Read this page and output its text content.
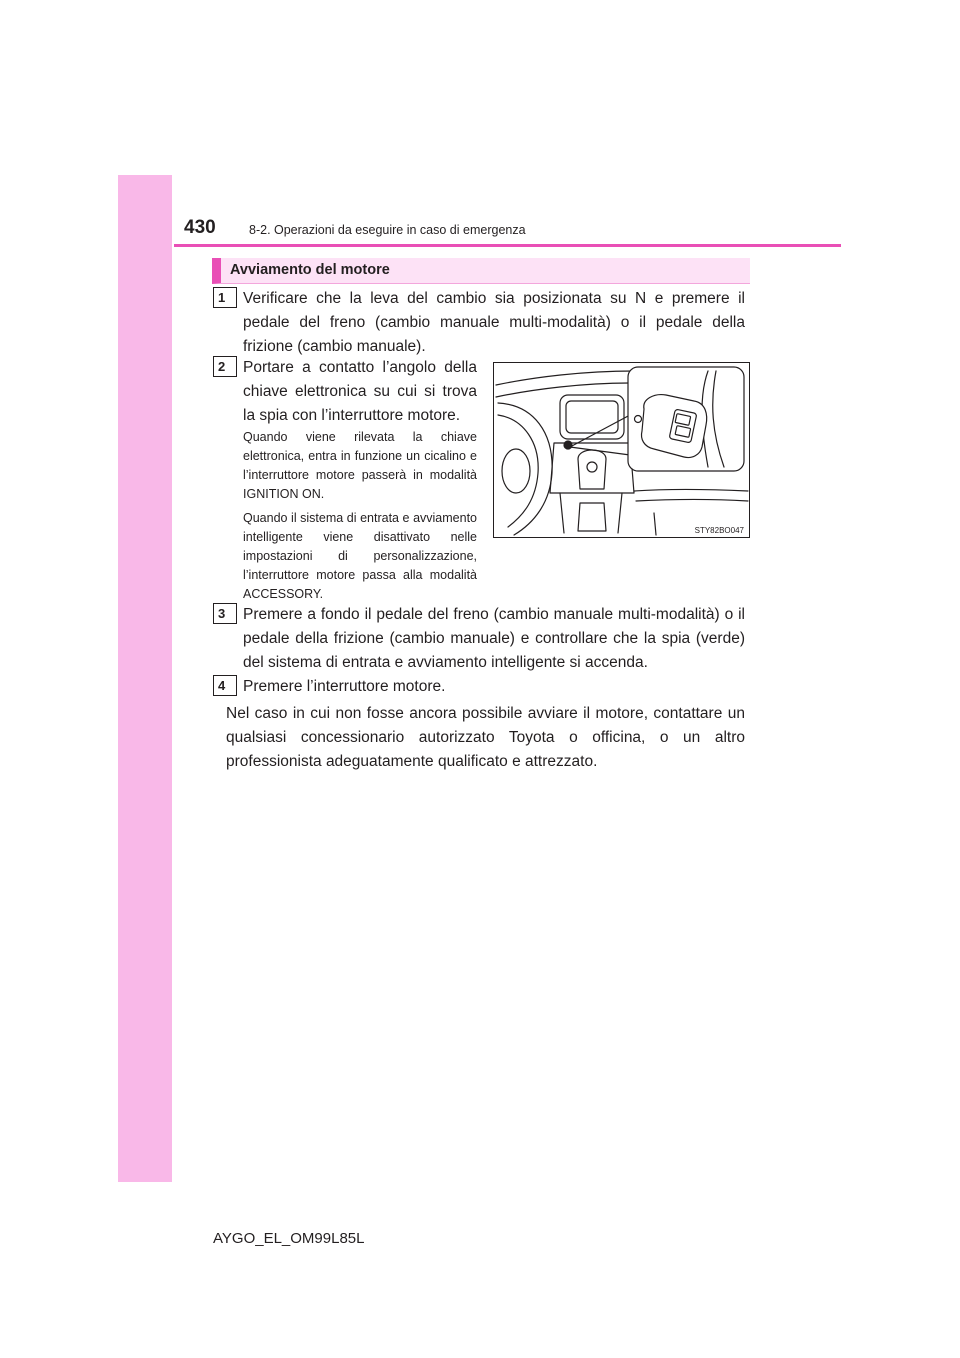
430	8-2. Operazioni da eseguire in caso di emergenza
Avviamento del motore
1	Verificare che la leva del cambio sia posizionata su N e premere il pedale del freno (cambio manuale multi-modalità) o il pedale della frizione (cambio manuale).

2	Portare a contatto l’angolo della chiave elettronica su cui si trova la spia con l’interruttore motore.

Quando viene rilevata la chiave elettronica, entra in funzione un cicalino e l’interruttore motore passerà in modalità IGNITION ON.

Quando il sistema di entrata e avviamento intelligente viene disattivato nelle impostazioni di personalizzazione, l’interruttore motore passa alla modalità ACCESSORY.

STY82BO047
3	Premere a fondo il pedale del freno (cambio manuale multi-modalità) o il pedale della frizione (cambio manuale) e controllare che la spia (verde) del sistema di entrata e avviamento intelligente si accenda.

4	Premere l’interruttore motore.

Nel caso in cui non fosse ancora possibile avviare il motore, contattare un qualsiasi concessionario autorizzato Toyota o officina, o un altro professionista adeguatamente qualificato e attrezzato.

AYGO_EL_OM99L85L
